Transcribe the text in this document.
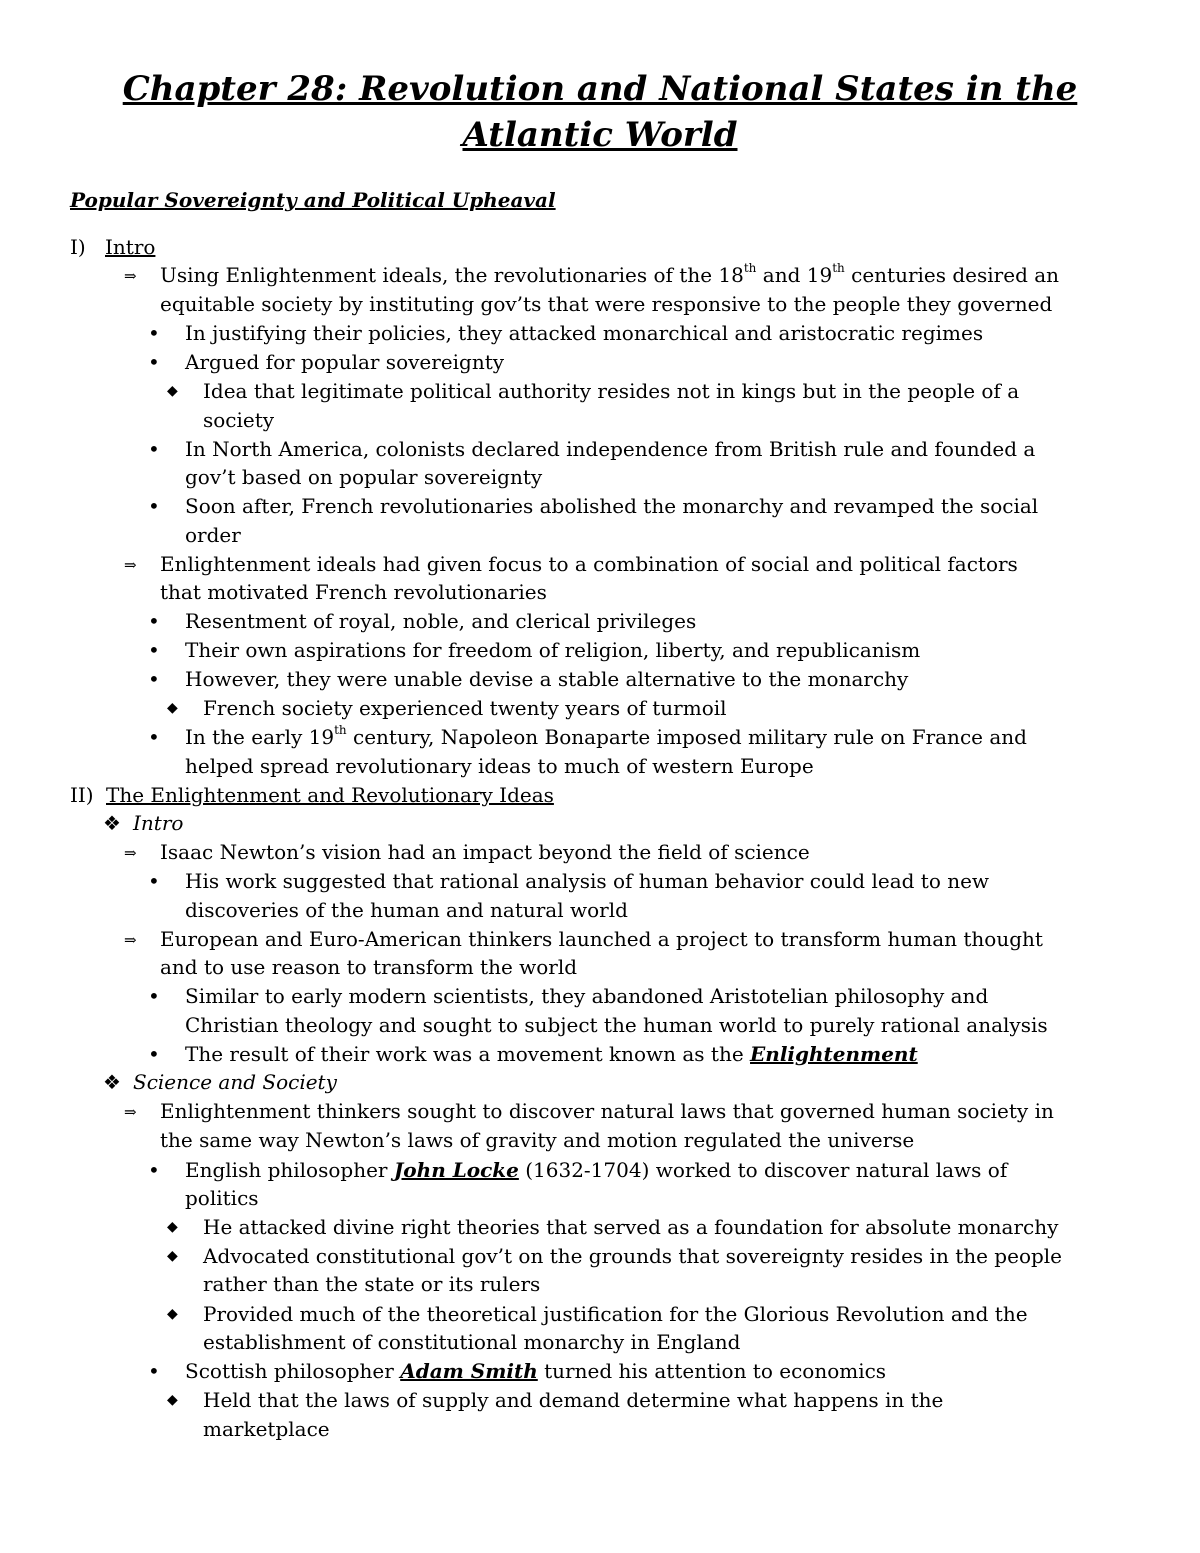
Chapter 28: Revolution and National States in the
Atlantic World
Popular Sovereignty and Political Upheaval
I) Intro
⇒ Using Enlightenment ideals, the revolutionaries of the 18th and 19th centuries desired an
equitable society by instituting gov’ts that were responsive to the people they governed
• In justifying their policies, they attacked monarchical and aristocratic regimes
• Argued for popular sovereignty
◆ Idea that legitimate political authority resides not in kings but in the people of a
society
• In North America, colonists declared independence from British rule and founded a
gov’t based on popular sovereignty
• Soon after, French revolutionaries abolished the monarchy and revamped the social
order
⇒ Enlightenment ideals had given focus to a combination of social and political factors
that motivated French revolutionaries
• Resentment of royal, noble, and clerical privileges
• Their own aspirations for freedom of religion, liberty, and republicanism
• However, they were unable devise a stable alternative to the monarchy
◆ French society experienced twenty years of turmoil
• In the early 19th century, Napoleon Bonaparte imposed military rule on France and
helped spread revolutionary ideas to much of western Europe
II) The Enlightenment and Revolutionary Ideas
❖ Intro
⇒ Isaac Newton’s vision had an impact beyond the field of science
• His work suggested that rational analysis of human behavior could lead to new
discoveries of the human and natural world
⇒ European and Euro-American thinkers launched a project to transform human thought
and to use reason to transform the world
• Similar to early modern scientists, they abandoned Aristotelian philosophy and
Christian theology and sought to subject the human world to purely rational analysis
• The result of their work was a movement known as the Enlightenment
❖ Science and Society
⇒ Enlightenment thinkers sought to discover natural laws that governed human society in
the same way Newton’s laws of gravity and motion regulated the universe
• English philosopher John Locke (1632-1704) worked to discover natural laws of
politics
◆ He attacked divine right theories that served as a foundation for absolute monarchy
◆ Advocated constitutional gov’t on the grounds that sovereignty resides in the people
rather than the state or its rulers
◆ Provided much of the theoretical justification for the Glorious Revolution and the
establishment of constitutional monarchy in England
• Scottish philosopher Adam Smith turned his attention to economics
◆ Held that the laws of supply and demand determine what happens in the
marketplace
